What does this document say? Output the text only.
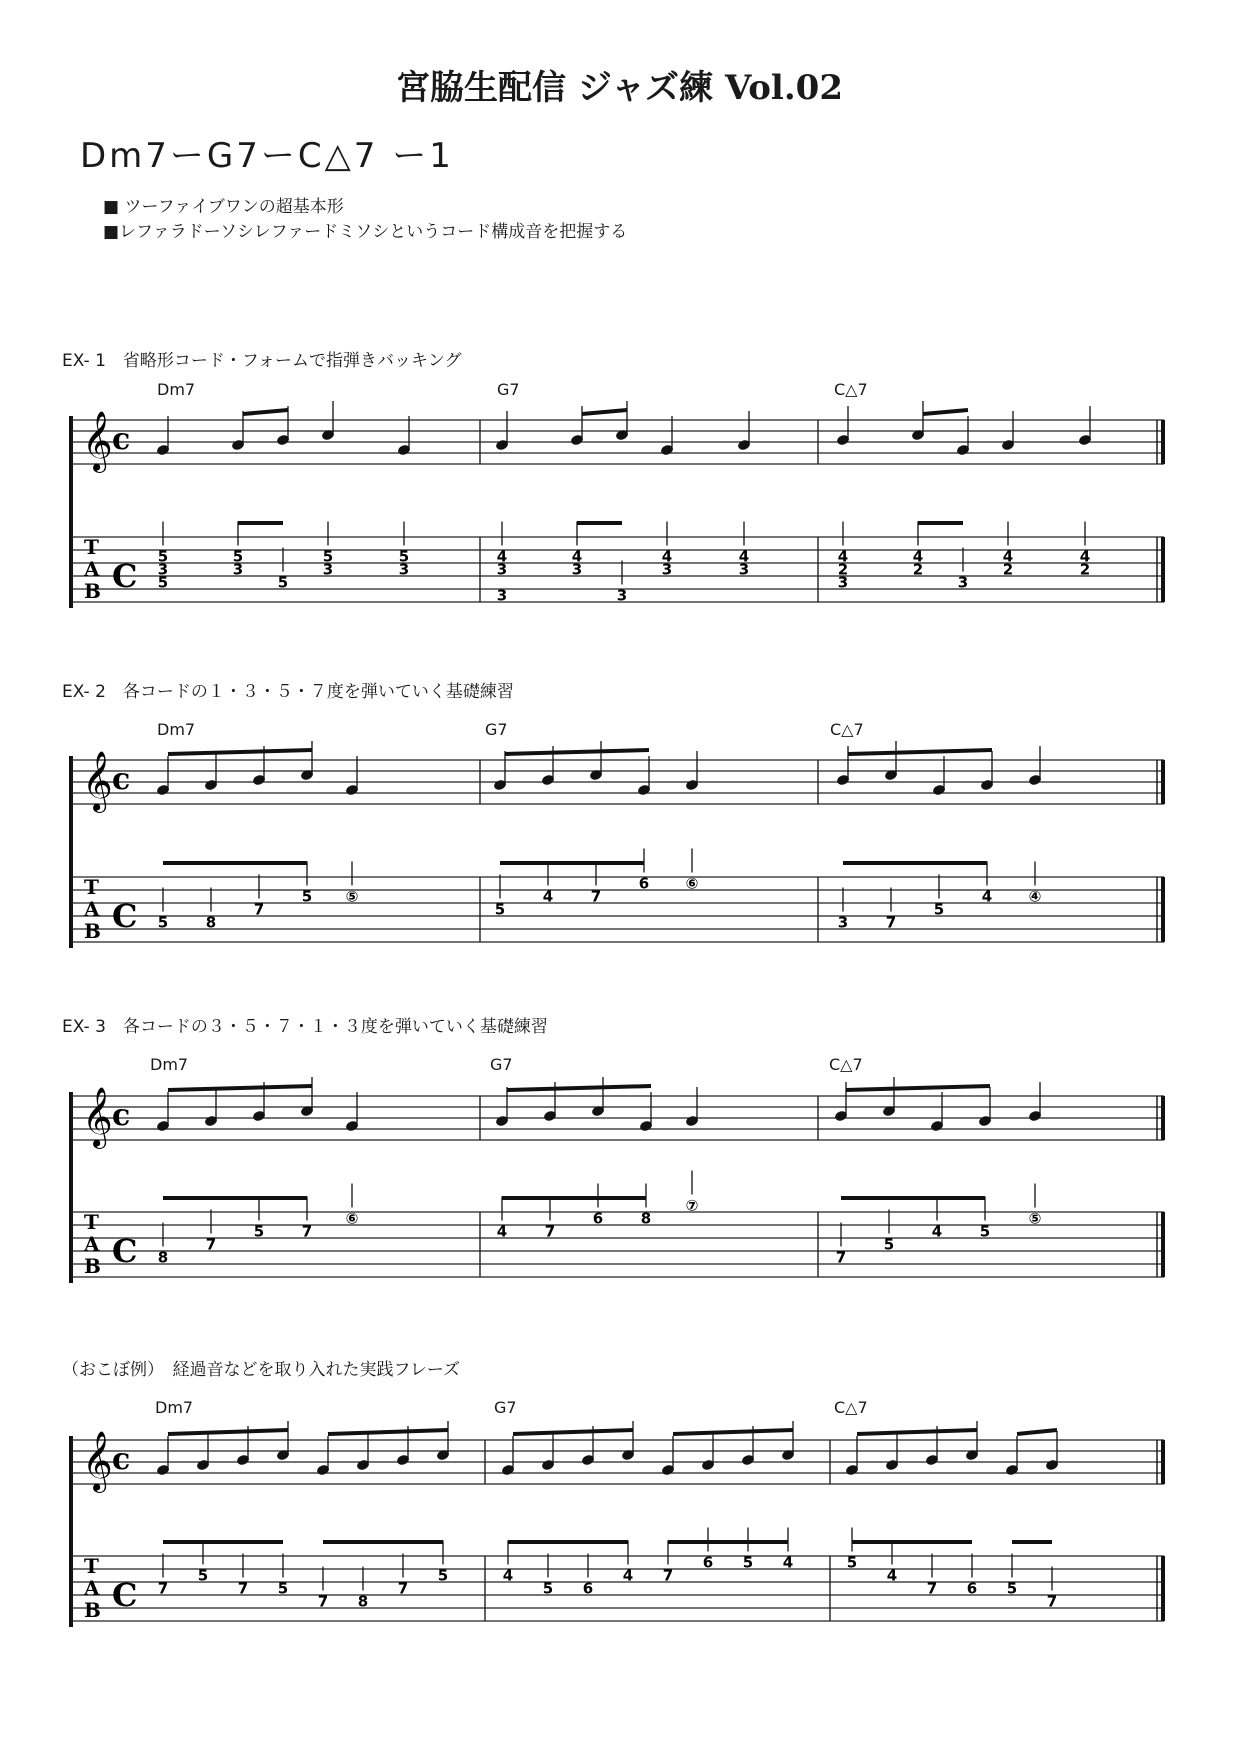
宮脇生配信 ジャズ練 Vol.02
Dm7ーG7ーC△7 ー1
■ ツーファイブワンの超基本形
■レファラドーソシレファードミソシというコード構成音を把握する
EX- 1　省略形コード・フォームで指弾きバッキング
EX- 2　各コードの１・３・５・７度を弾いていく基礎練習
EX- 3　各コードの３・５・７・１・３度を弾いていく基礎練習
（おこぼ例）　経過音などを取り入れた実践フレーズ
Dm7	G7	C△7
Dm7	G7	C△7
Dm7	G7	C△7
Dm7	G7	C△7
𝄞 c
T
A
B C
5
3
5
5
3
5
5
3
5
3
4
3
3
4
3
3
4
3
4
3
4
2
3
4
2
3
4
2
4
2
𝄞 c
T
A
B C 5	8
7
5 ⑤
5
4	7
6 ⑥
3	7
5
4 ④
𝄞 c
T
A
B C 8
7
5	7
⑥
4	7
6	8
⑦
7
5
4	5
⑤
𝄞 c
T
A
B C 7
5
7 5
7 8
7
5	4
5 6
4 7
6 5 4	5
4
7 6 5
7
